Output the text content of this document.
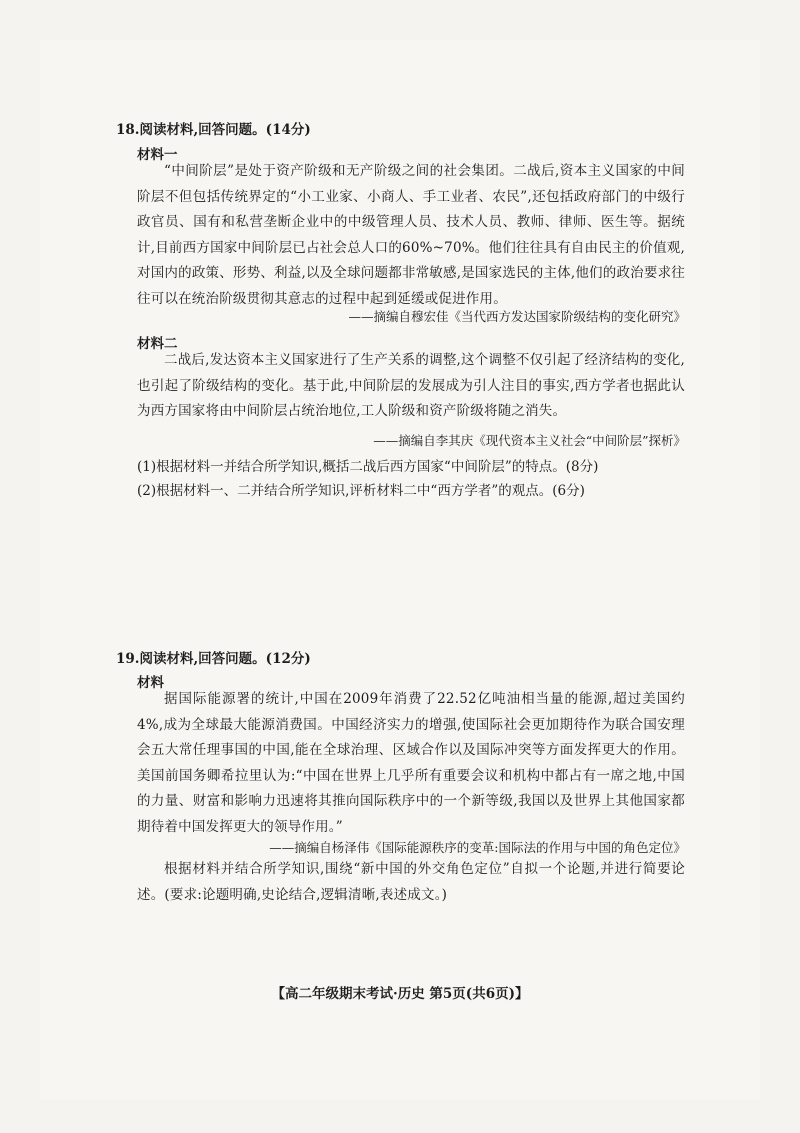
18.阅读材料,回答问题。(14分)
材料一
“中间阶层”是处于资产阶级和无产阶级之间的社会集团。二战后,资本主义国家的中间阶层不但包括传统界定的“小工业家、小商人、手工业者、农民”,还包括政府部门的中级行政官员、国有和私营垄断企业中的中级管理人员、技术人员、教师、律师、医生等。据统计,目前西方国家中间阶层已占社会总人口的60%~70%。他们往往具有自由民主的价值观,对国内的政策、形势、利益,以及全球问题都非常敏感,是国家选民的主体,他们的政治要求往往可以在统治阶级贯彻其意志的过程中起到延缓或促进作用。
——摘编自穆宏佳《当代西方发达国家阶级结构的变化研究》
材料二
二战后,发达资本主义国家进行了生产关系的调整,这个调整不仅引起了经济结构的变化,也引起了阶级结构的变化。基于此,中间阶层的发展成为引人注目的事实,西方学者也据此认为西方国家将由中间阶层占统治地位,工人阶级和资产阶级将随之消失。
——摘编自李其庆《现代资本主义社会“中间阶层”探析》
(1)根据材料一并结合所学知识,概括二战后西方国家“中间阶层”的特点。(8分)
(2)根据材料一、二并结合所学知识,评析材料二中“西方学者”的观点。(6分)
19.阅读材料,回答问题。(12分)
材料
据国际能源署的统计,中国在2009年消费了22.52亿吨油相当量的能源,超过美国约4%,成为全球最大能源消费国。中国经济实力的增强,使国际社会更加期待作为联合国安理会五大常任理事国的中国,能在全球治理、区域合作以及国际冲突等方面发挥更大的作用。美国前国务卿希拉里认为:“中国在世界上几乎所有重要会议和机构中都占有一席之地,中国的力量、财富和影响力迅速将其推向国际秩序中的一个新等级,我国以及世界上其他国家都期待着中国发挥更大的领导作用。”
——摘编自杨泽伟《国际能源秩序的变革:国际法的作用与中国的角色定位》
根据材料并结合所学知识,围绕“新中国的外交角色定位”自拟一个论题,并进行简要论述。(要求:论题明确,史论结合,逻辑清晰,表述成文。)
【高二年级期末考试·历史 第5页(共6页)】
